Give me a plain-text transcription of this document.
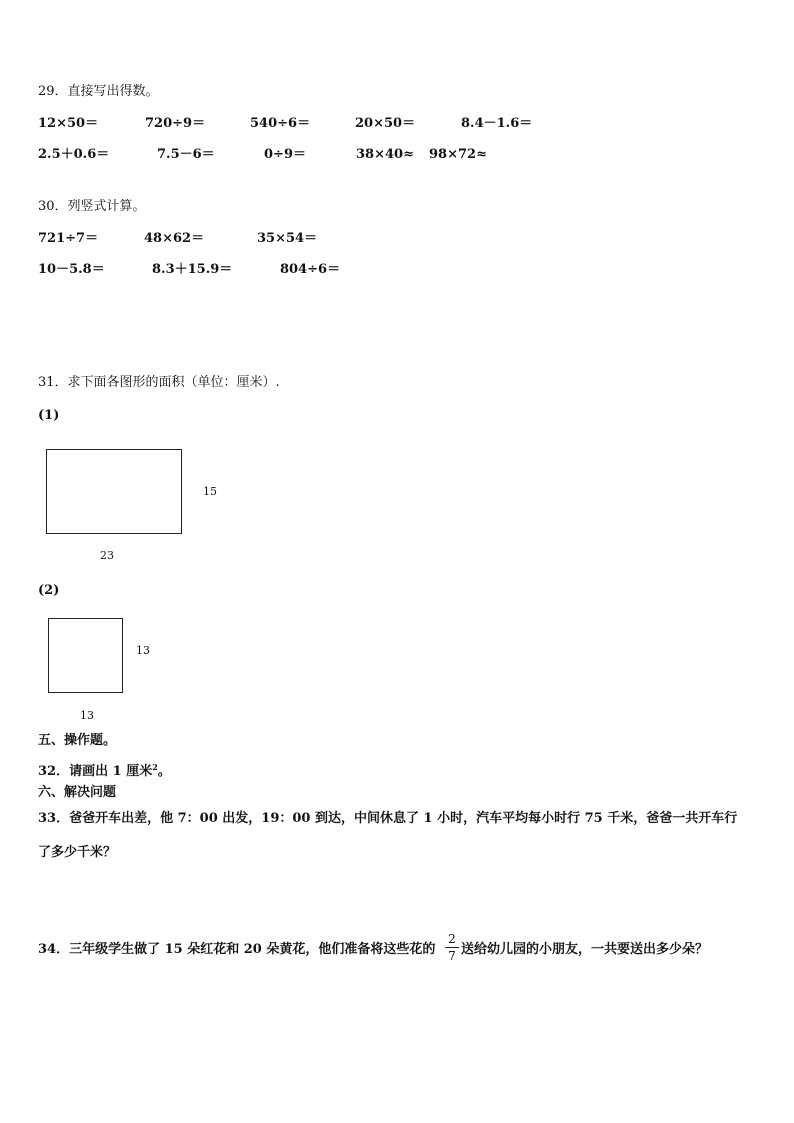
29．直接写出得数。
12×50＝	720÷9＝	540÷6＝	20×50＝	8.4－1.6＝
2.5＋0.6＝	7.5－6＝	0÷9＝	38×40≈ 98×72≈
30．列竖式计算。
721÷7＝	48×62＝	35×54＝
10－5.8＝	8.3＋15.9＝	804÷6＝
31．求下面各图形的面积（单位：厘米）.
(1)
15
23
(2)
13
13
五、操作题。
32．请画出 1 厘米$^2$。
六、解决问题
33．爸爸开车出差，他 7：00 出发，19：00 到达，中间休息了 1 小时，汽车平均每小时行 75 千米，爸爸一共开车行
了多少千米？
34．三年级学生做了 15 朵红花和 20 朵黄花，他们准备将这些花的
2
7 送给幼儿园的小朋友，一共要送出多少朵？
